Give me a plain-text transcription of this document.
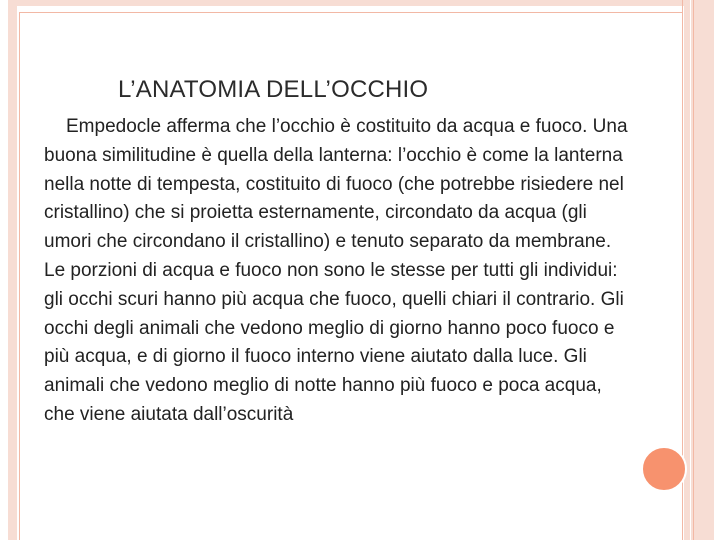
L’ANATOMIA DELL’OCCHIO
Empedocle afferma che l’occhio è costituito da acqua e fuoco. Una buona similitudine è quella della lanterna: l’occhio è come la lanterna nella notte di tempesta, costituito di fuoco (che potrebbe risiedere nel cristallino) che si proietta esternamente, circondato da acqua (gli umori che circondano il cristallino) e tenuto separato da membrane. Le porzioni di acqua e fuoco non sono le stesse per tutti gli individui: gli occhi scuri hanno più acqua che fuoco, quelli chiari il contrario. Gli occhi degli animali che vedono meglio di giorno hanno poco fuoco e più acqua, e di giorno il fuoco interno viene aiutato dalla luce. Gli animali che vedono meglio di notte hanno più fuoco e poca acqua, che viene aiutata dall’oscurità
